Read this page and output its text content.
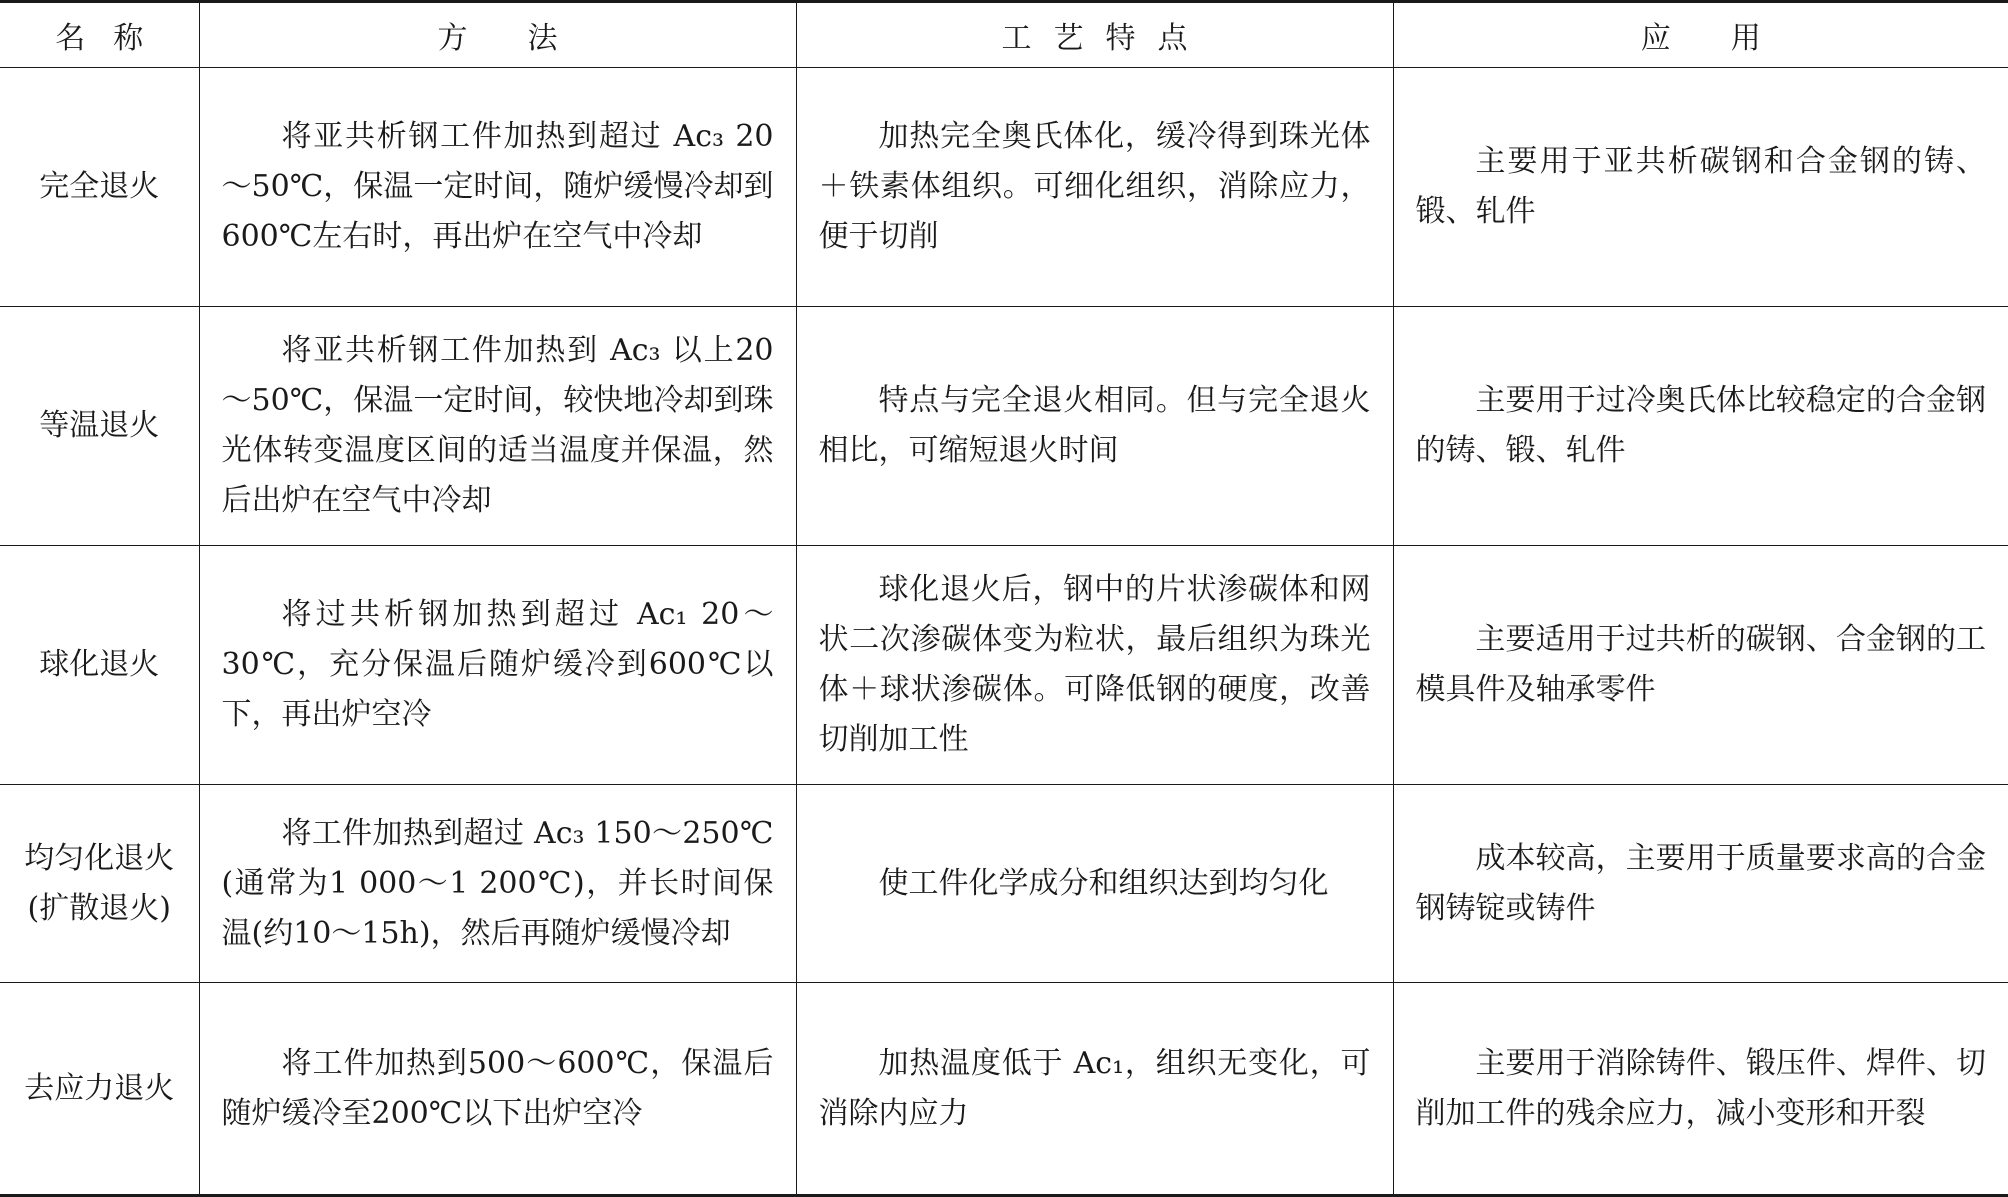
名称	方法	工艺特点	应用

完全退火	将亚共析钢工件加热到超过 Ac₃ 20～50℃，保温一定时间，随炉缓慢冷却到600℃左右时，再出炉在空气中冷却	加热完全奥氏体化，缓冷得到珠光体＋铁素体组织。可细化组织，消除应力，便于切削	主要用于亚共析碳钢和合金钢的铸、锻、轧件

等温退火	将亚共析钢工件加热到 Ac₃ 以上20～50℃，保温一定时间，较快地冷却到珠光体转变温度区间的适当温度并保温，然后出炉在空气中冷却	特点与完全退火相同。但与完全退火相比，可缩短退火时间	主要用于过冷奥氏体比较稳定的合金钢的铸、锻、轧件

球化退火	将过共析钢加热到超过 Ac₁ 20～30℃，充分保温后随炉缓冷到600℃以下，再出炉空冷	球化退火后，钢中的片状渗碳体和网状二次渗碳体变为粒状，最后组织为珠光体＋球状渗碳体。可降低钢的硬度，改善切削加工性	主要适用于过共析的碳钢、合金钢的工模具件及轴承零件

均匀化退火
(扩散退火)	将工件加热到超过 Ac₃ 150～250℃(通常为1 000～1 200℃)，并长时间保温(约10～15h)，然后再随炉缓慢冷却	使工件化学成分和组织达到均匀化	成本较高，主要用于质量要求高的合金钢铸锭或铸件

去应力退火	将工件加热到500～600℃，保温后随炉缓冷至200℃以下出炉空冷	加热温度低于 Ac₁，组织无变化，可消除内应力	主要用于消除铸件、锻压件、焊件、切削加工件的残余应力，减小变形和开裂
